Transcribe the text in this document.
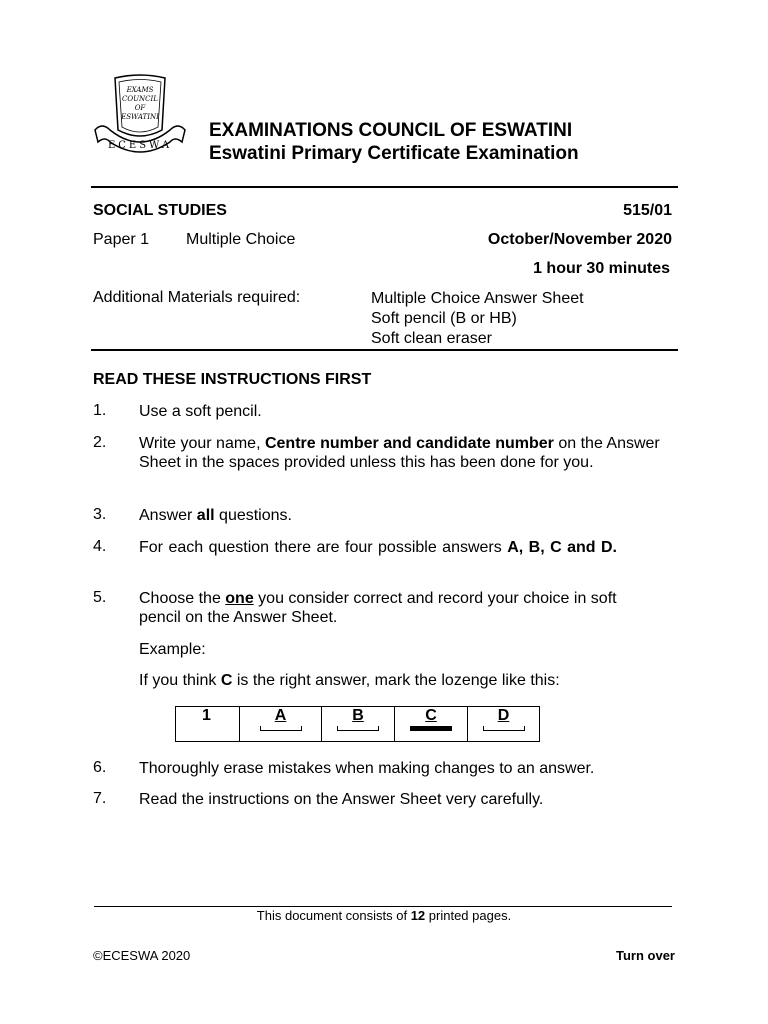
EXAMS
COUNCIL
OF
ESWATINI
ECESWA
EXAMINATIONS COUNCIL OF ESWATINI
Eswatini Primary Certificate Examination
SOCIAL STUDIES	515/01
Paper 1 Multiple Choice	October/November 2020
1 hour 30 minutes
Additional Materials required:	Multiple Choice Answer Sheet
Soft pencil (B or HB)
Soft clean eraser
READ THESE INSTRUCTIONS FIRST
1. Use a soft pencil.
2. Write your name, Centre number and candidate number on the Answer Sheet in the spaces provided unless this has been done for you.
3. Answer all questions.
4. For each question there are four possible answers A, B, C and D.
5. Choose the one you consider correct and record your choice in soft pencil on the Answer Sheet.
Example:
If you think C is the right answer, mark the lozenge like this:
1	A	B	C	D
6. Thoroughly erase mistakes when making changes to an answer.
7. Read the instructions on the Answer Sheet very carefully.
This document consists of 12 printed pages.
©ECESWA 2020	Turn over
